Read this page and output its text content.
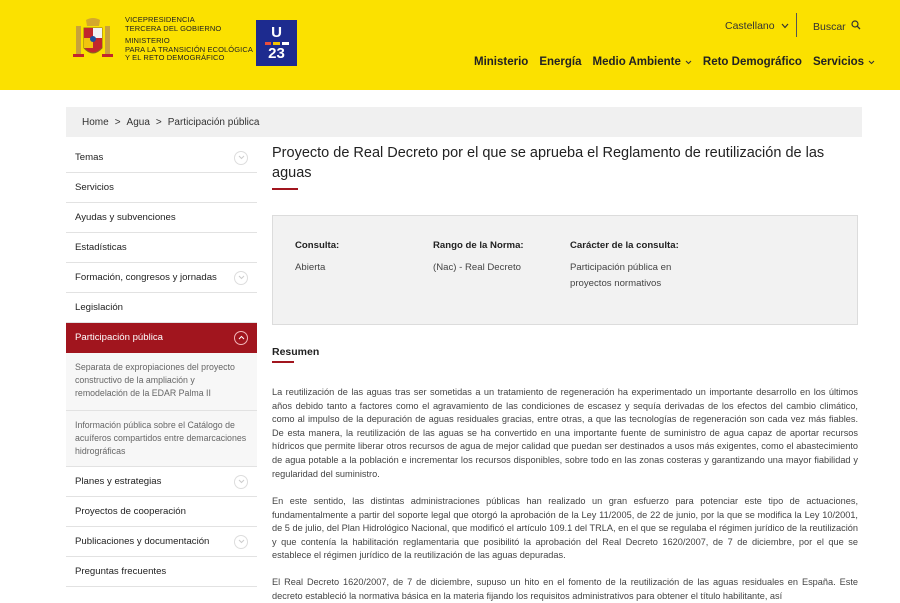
VICEPRESIDENCIA
TERCERA DEL GOBIERNO
MINISTERIO
PARA LA TRANSICIÓN ECOLÓGICA
Y EL RETO DEMOGRÁFICO
U
23
Castellano	Buscar
Ministerio Energía Medio Ambiente Reto Demográfico Servicios
Home > Agua > Participación pública
Temas
Servicios
Ayudas y subvenciones
Estadísticas
Formación, congresos y jornadas
Legislación
Participación pública
Separata de expropiaciones del proyecto constructivo de la ampliación y remodelación de la EDAR Palma II
Información pública sobre el Catálogo de acuíferos compartidos entre demarcaciones hidrográficas
Planes y estrategias
Proyectos de cooperación
Publicaciones y documentación
Preguntas frecuentes
Proyecto de Real Decreto por el que se aprueba el Reglamento de reutilización de las aguas
Consulta:
Abierta
Rango de la Norma:
(Nac) - Real Decreto
Carácter de la consulta:
Participación pública en proyectos normativos
Resumen

La reutilización de las aguas tras ser sometidas a un tratamiento de regeneración ha experimentado un importante desarrollo en los últimos años debido tanto a factores como el agravamiento de las condiciones de escasez y sequía derivadas de los efectos del cambio climático, como al impulso de la depuración de aguas residuales gracias, entre otras, a que las tecnologías de regeneración son cada vez más fiables. De esta manera, la reutilización de las aguas se ha convertido en una importante fuente de suministro de agua capaz de aportar recursos hídricos que permite liberar otros recursos de agua de mejor calidad que puedan ser destinados a usos más exigentes, como el abastecimiento de agua potable a la población e incrementar los recursos disponibles, sobre todo en las zonas costeras y garantizando una mayor fiabilidad y regularidad del suministro.

En este sentido, las distintas administraciones públicas han realizado un gran esfuerzo para potenciar este tipo de actuaciones, fundamentalmente a partir del soporte legal que otorgó la aprobación de la Ley 11/2005, de 22 de junio, por la que se modifica la Ley 10/2001, de 5 de julio, del Plan Hidrológico Nacional, que modificó el artículo 109.1 del TRLA, en el que se regulaba el régimen jurídico de la reutilización y que contenía la habilitación reglamentaria que posibilitó la aprobación del Real Decreto 1620/2007, de 7 de diciembre, por el que se establece el régimen jurídico de la reutilización de las aguas depuradas.

El Real Decreto 1620/2007, de 7 de diciembre, supuso un hito en el fomento de la reutilización de las aguas residuales en España. Este decreto estableció la normativa básica en la materia fijando los requisitos administrativos para obtener el título habilitante, así
